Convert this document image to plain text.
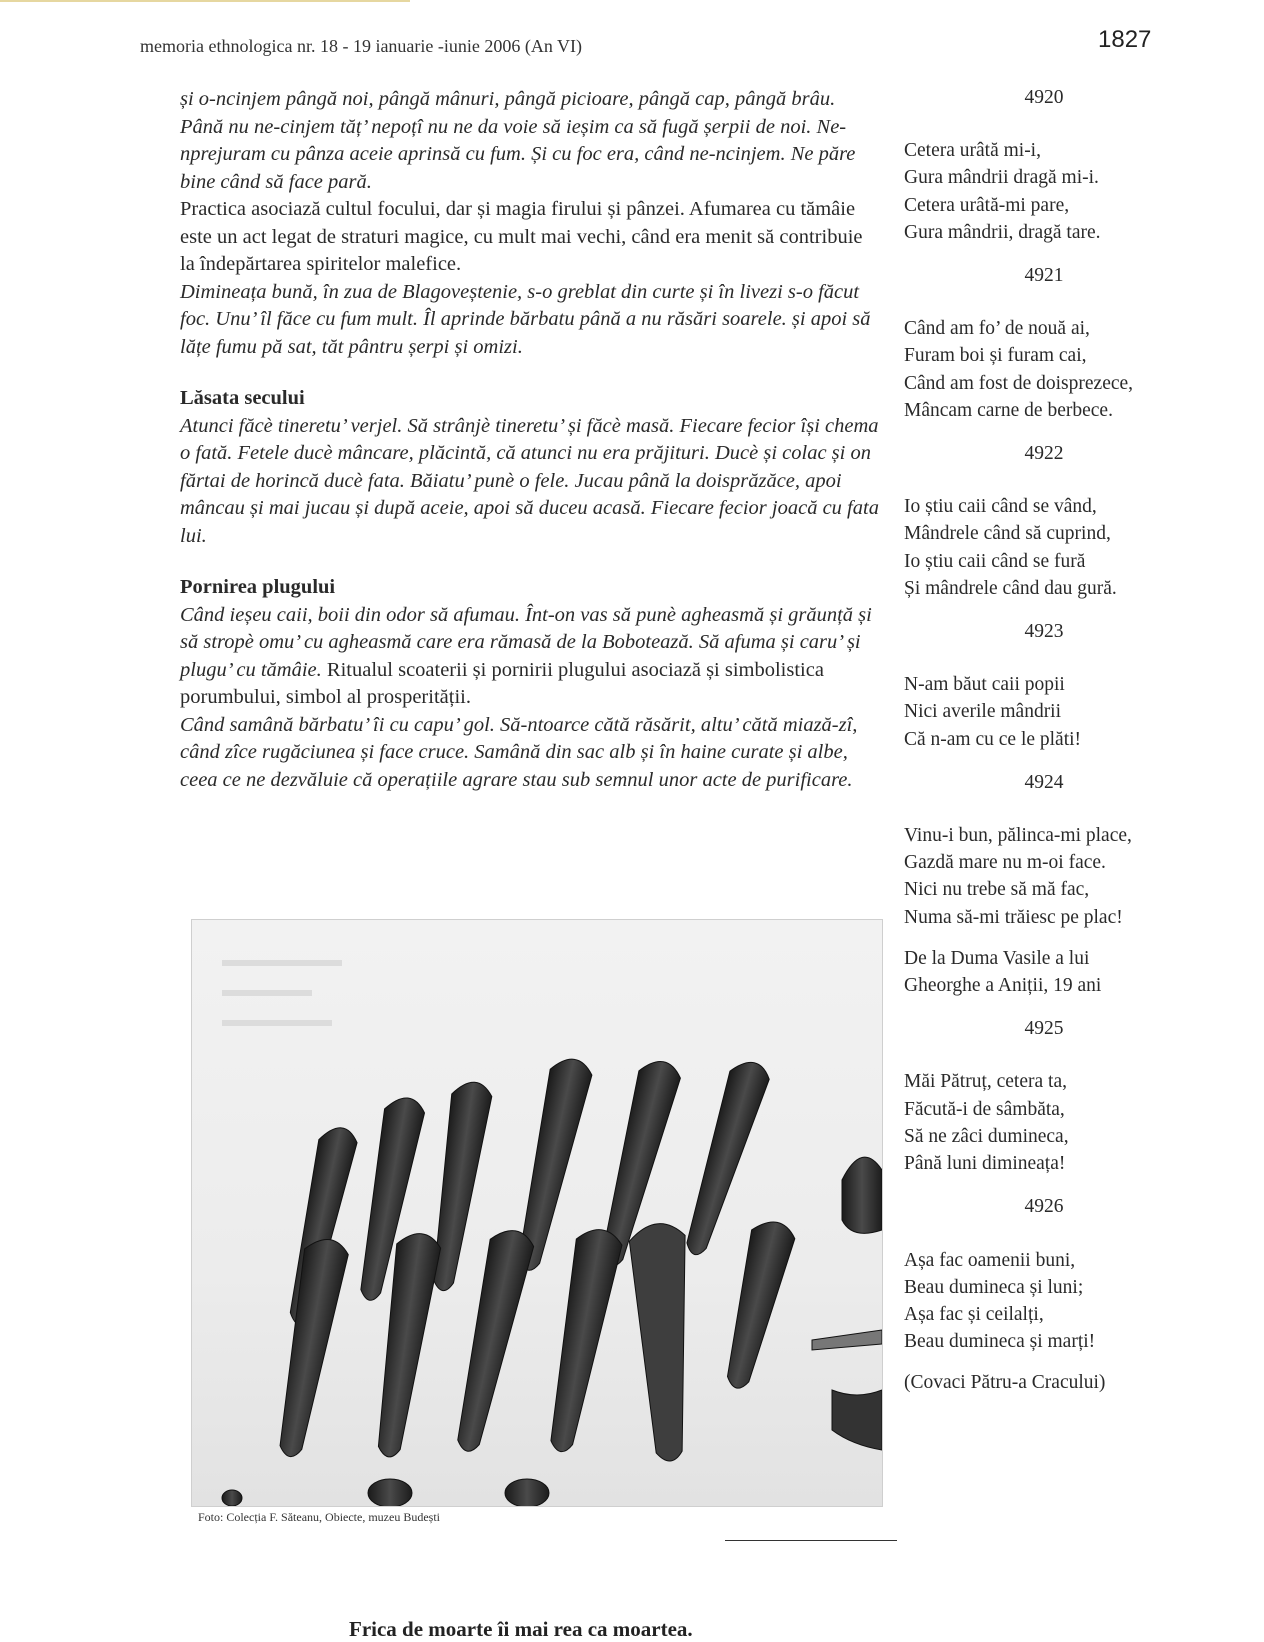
memoria ethnologica nr. 18 - 19 ianuarie -iunie 2006 (An VI)	1827

și o-ncinjem pângă noi, pângă mânuri, pângă picioare, pângă cap, pângă brâu. Până nu ne-cinjem tăț’ nepoțî nu ne da voie să ieșim ca să fugă șerpii de noi. Ne-nprejuram cu pânza aceie aprinsă cu fum. Și cu foc era, când ne-ncinjem. Ne păre bine când să face pară.

Practica asociază cultul focului, dar și magia firului și pânzei. Afumarea cu tămâie este un act legat de straturi magice, cu mult mai vechi, când era menit să contribuie la îndepărtarea spiritelor malefice.

Dimineața bună, în zua de Blagoveștenie, s-o greblat din curte și în livezi s-o făcut foc. Unu’ îl făce cu fum mult. Îl aprinde bărbatu până a nu răsări soarele. și apoi să lățe fumu pă sat, tăt pântru șerpi și omizi.

Lăsata secului

Atunci făcè tineretu’ verjel. Să strânjè tineretu’ și făcè masă. Fiecare fecior își chema o fată. Fetele ducè mâncare, plăcintă, că atunci nu era prăjituri. Ducè și colac și on fărtai de horincă ducè fata. Băiatu’ punè o fele. Jucau până la doisprăzăce, apoi mâncau și mai jucau și după aceie, apoi să duceu acasă. Fiecare fecior joacă cu fata lui.

Pornirea plugului

Când ieșeu caii, boii din odor să afumau. Înt-on vas să punè agheasmă și grăunță și să stropè omu’ cu agheasmă care era rămasă de la Bobotează. Să afuma și caru’ și plugu’ cu tămâie. Ritualul scoaterii și pornirii plugului asociază și simbolistica porumbului, simbol al prosperității.
Când samână bărbatu’ îi cu capu’ gol. Să-ntoarce cătă răsărit, altu’ cătă miază-zî, când zîce rugăciunea și face cruce. Samână din sac alb și în haine curate și albe, ceea ce ne dezvăluie că operațiile agrare stau sub semnul unor acte de purificare.

Foto: Colecția F. Săteanu, Obiecte, muzeu Budești
Frica de moarte îi mai rea ca moartea.
4920
Cetera urâtă mi-i,
Gura mândrii dragă mi-i.
Cetera urâtă-mi pare,
Gura mândrii, dragă tare.
4921
Când am fo’ de nouă ai,
Furam boi și furam cai,
Când am fost de doisprezece,
Mâncam carne de berbece.
4922
Io știu caii când se vând,
Mândrele când să cuprind,
Io știu caii când se fură
Și mândrele când dau gură.
4923
N-am băut caii popii
Nici averile mândrii
Că n-am cu ce le plăti!
4924
Vinu-i bun, pălinca-mi place,
Gazdă mare nu m-oi face.
Nici nu trebe să mă fac,
Numa să-mi trăiesc pe plac!
De la Duma Vasile a lui
Gheorghe a Aniții, 19 ani
4925
Măi Pătruț, cetera ta,
Făcută-i de sâmbăta,
Să ne zâci dumineca,
Până luni dimineața!
4926
Așa fac oamenii buni,
Beau dumineca și luni;
Așa fac și ceilalți,
Beau dumineca și marți!
(Covaci Pătru-a Cracului)
